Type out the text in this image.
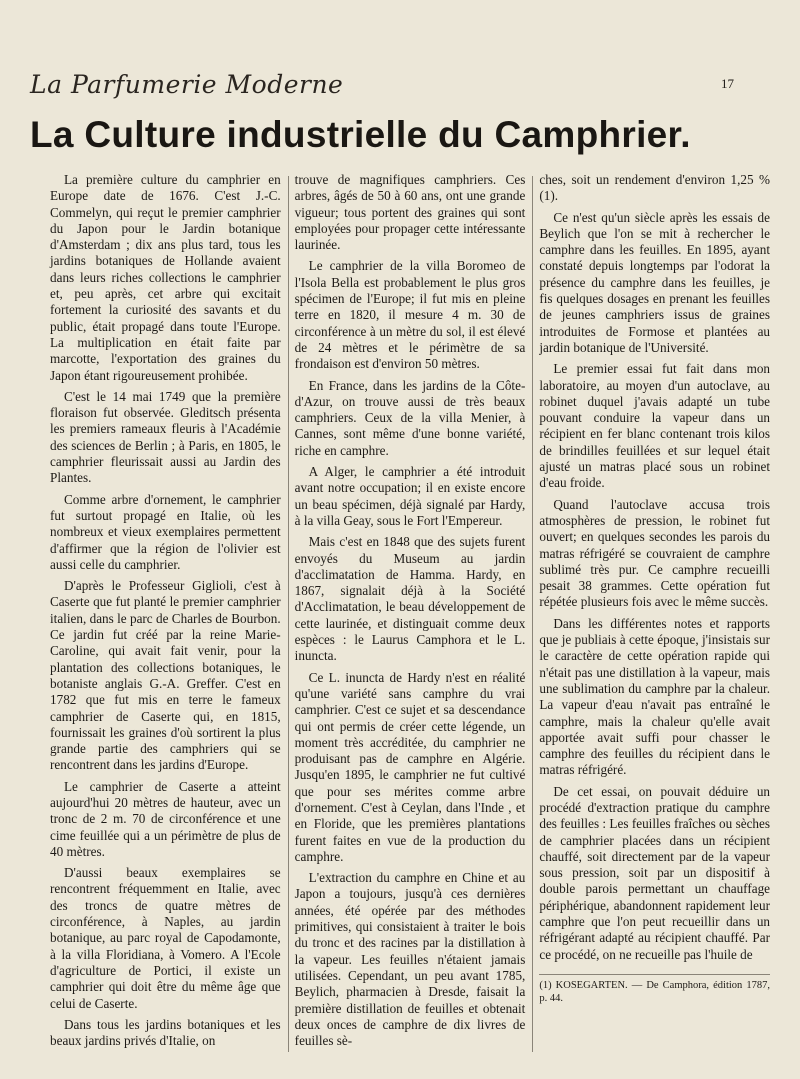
La Parfumerie Moderne	17
La Culture industrielle du Camphrier.

La première culture du camphrier en Europe date de 1676. C'est J.-C. Commelyn, qui reçut le premier camphrier du Japon pour le Jardin botanique d'Amsterdam ; dix ans plus tard, tous les jardins botaniques de Hollande avaient dans leurs riches collections le camphrier et, peu après, cet arbre qui excitait fortement la curiosité des savants et du public, était propagé dans toute l'Europe. La multiplication en était faite par marcotte, l'exportation des graines du Japon étant rigoureusement prohibée.

C'est le 14 mai 1749 que la première floraison fut observée. Gleditsch présenta les premiers rameaux fleuris à l'Académie des sciences de Berlin ; à Paris, en 1805, le camphrier fleurissait aussi au Jardin des Plantes.

Comme arbre d'ornement, le camphrier fut surtout propagé en Italie, où les nombreux et vieux exemplaires permettent d'affirmer que la région de l'olivier est aussi celle du camphrier.

D'après le Professeur Giglioli, c'est à Caserte que fut planté le premier camphrier italien, dans le parc de Charles de Bourbon. Ce jardin fut créé par la reine Marie-Caroline, qui avait fait venir, pour la plantation des collections botaniques, le botaniste anglais G.-A. Greffer. C'est en 1782 que fut mis en terre le fameux camphrier de Caserte qui, en 1815, fournissait les graines d'où sortirent la plus grande partie des camphriers qui se rencontrent dans les jardins d'Europe.

Le camphrier de Caserte a atteint aujourd'hui 20 mètres de hauteur, avec un tronc de 2 m. 70 de circonférence et une cime feuillée qui a un périmètre de plus de 40 mètres.

D'aussi beaux exemplaires se rencontrent fréquemment en Italie, avec des troncs de quatre mètres de circonférence, à Naples, au jardin botanique, au parc royal de Capodamonte, à la villa Floridiana, à Vomero. A l'Ecole d'agriculture de Portici, il existe un camphrier qui doit être du même âge que celui de Caserte.

Dans tous les jardins botaniques et les beaux jardins privés d'Italie, on

trouve de magnifiques camphriers. Ces arbres, âgés de 50 à 60 ans, ont une grande vigueur; tous portent des graines qui sont employées pour propager cette intéressante laurinée.

Le camphrier de la villa Boromeo de l'Isola Bella est probablement le plus gros spécimen de l'Europe; il fut mis en pleine terre en 1820, il mesure 4 m. 30 de circonférence à un mètre du sol, il est élevé de 24 mètres et le périmètre de sa frondaison est d'environ 50 mètres.

En France, dans les jardins de la Côte-d'Azur, on trouve aussi de très beaux camphriers. Ceux de la villa Menier, à Cannes, sont même d'une bonne variété, riche en camphre.

A Alger, le camphrier a été introduit avant notre occupation; il en existe encore un beau spécimen, déjà signalé par Hardy, à la villa Geay, sous le Fort l'Empereur.

Mais c'est en 1848 que des sujets furent envoyés du Museum au jardin d'acclimatation de Hamma. Hardy, en 1867, signalait déjà à la Société d'Acclimatation, le beau développement de cette laurinée, et distinguait comme deux espèces : le Laurus Camphora et le L. inuncta.

Ce L. inuncta de Hardy n'est en réalité qu'une variété sans camphre du vrai camphrier. C'est ce sujet et sa descendance qui ont permis de créer cette légende, un moment très accréditée, du camphrier ne produisant pas de camphre en Algérie. Jusqu'en 1895, le camphrier ne fut cultivé que pour ses mérites comme arbre d'ornement. C'est à Ceylan, dans l'Inde , et en Floride, que les premières plantations furent faites en vue de la production du camphre.

L'extraction du camphre en Chine et au Japon a toujours, jusqu'à ces dernières années, été opérée par des méthodes primitives, qui consistaient à traiter le bois du tronc et des racines par la distillation à la vapeur. Les feuilles n'étaient jamais utilisées. Cependant, un peu avant 1785, Beylich, pharmacien à Dresde, faisait la première distillation de feuilles et obtenait deux onces de camphre de dix livres de feuilles sè-

ches, soit un rendement d'environ 1,25 % (1).

Ce n'est qu'un siècle après les essais de Beylich que l'on se mit à rechercher le camphre dans les feuilles. En 1895, ayant constaté depuis longtemps par l'odorat la présence du camphre dans les feuilles, je fis quelques dosages en prenant les feuilles de jeunes camphriers issus de graines introduites de Formose et plantées au jardin botanique de l'Université.

Le premier essai fut fait dans mon laboratoire, au moyen d'un autoclave, au robinet duquel j'avais adapté un tube pouvant conduire la vapeur dans un récipient en fer blanc contenant trois kilos de brindilles feuillées et sur lequel était ajusté un matras placé sous un robinet d'eau froide.

Quand l'autoclave accusa trois atmosphères de pression, le robinet fut ouvert; en quelques secondes les parois du matras réfrigéré se couvraient de camphre sublimé très pur. Ce camphre recueilli pesait 38 grammes. Cette opération fut répétée plusieurs fois avec le même succès.

Dans les différentes notes et rapports que je publiais à cette époque, j'insistais sur le caractère de cette opération rapide qui n'était pas une distillation à la vapeur, mais une sublimation du camphre par la chaleur. La vapeur d'eau n'avait pas entraîné le camphre, mais la chaleur qu'elle avait apportée avait suffi pour chasser le camphre des feuilles du récipient dans le matras réfrigéré.

De cet essai, on pouvait déduire un procédé d'extraction pratique du camphre des feuilles : Les feuilles fraîches ou sèches de camphrier placées dans un récipient chauffé, soit directement par de la vapeur sous pression, soit par un dispositif à double parois permettant un chauffage périphérique, abandonnent rapidement leur camphre que l'on peut recueillir dans un réfrigérant adapté au récipient chauffé. Par ce procédé, on ne recueille pas l'huile de

(1) KOSEGARTEN. — De Camphora, édition 1787, p. 44.
